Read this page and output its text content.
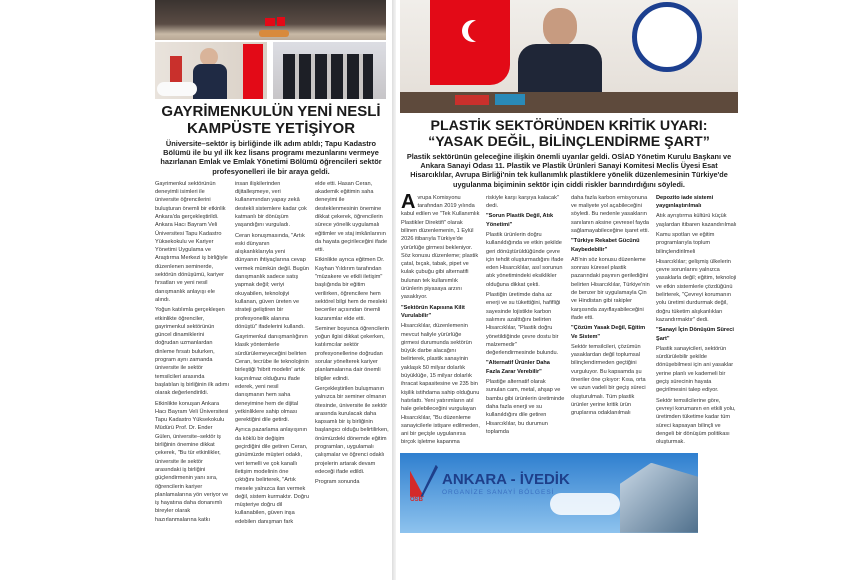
GAYRİMENKULÜN YENİ NESLİ KAMPÜSTE YETİŞİYOR
Üniversite–sektör iş birliğinde ilk adım atıldı; Tapu Kadastro Bölümü ile bu yıl ilk kez lisans programı mezunlarını vermeye hazırlanan Emlak ve Emlak Yönetimi Bölümü öğrencileri sektör profesyonelleri ile bir araya geldi.

Gayrimenkul sektörünün deneyimli isimleri ile üniversite öğrencilerini buluşturan önemli bir etkinlik Ankara'da gerçekleştirildi. Ankara Hacı Bayram Veli Üniversitesi Tapu Kadastro Yüksekokulu ve Kariyer Yönetimi Uygulama ve Araştırma Merkezi iş birliğiyle düzenlenen seminerde, sektörün dönüşümü, kariyer fırsatları ve yeni nesil danışmanlık anlayışı ele alındı.

Yoğun katılımla gerçekleşen etkinlikte öğrenciler, gayrimenkul sektörünün güncel dinamiklerini doğrudan uzmanlardan dinleme fırsatı bulurken, program aynı zamanda üniversite ile sektör temsilcileri arasında başlatılan iş birliğinin ilk adımı olarak değerlendirildi.

Etkinlikte konuşan Ankara Hacı Bayram Veli Üniversitesi Tapu Kadastro Yüksekokulu Müdürü Prof. Dr. Ender Gülen, üniversite–sektör iş birliğinin önemine dikkat çekerek, "Bu tür etkinlikler, üniversite ile sektör arasındaki iş birliğini güçlendirmenin yanı sıra, öğrencilerin kariyer planlamalarına yön veriyor ve iş hayatına daha donanımlı bireyler olarak hazırlanmalarına katkı

insan ilişkilerinden dijitalleşmeye, veri kullanımından yapay zekâ destekli sistemlere kadar çok katmanlı bir dönüşüm yaşandığını vurguladı.

Ceran konuşmasında, "Artık eski dünyanın alışkanlıklarıyla yeni dünyanın ihtiyaçlarına cevap vermek mümkün değil. Bugün danışmanlık sadece satış yapmak değil; veriyi okuyabilen, teknolojiyi kullanan, güven üreten ve strateji geliştiren bir profesyonellik alanına dönüştü" ifadelerini kullandı.

Gayrimenkul danışmanlığının klasik yöntemlerle sürdürülemeyeceğini belirten Ceran, tecrübe ile teknolojinin birleştiği 'hibrit modelin' artık kaçınılmaz olduğunu ifade ederek, yeni nesil danışmanın hem saha deneyimine hem de dijital yetkinliklere sahip olması gerektiğini dile getirdi.

Ayrıca pazarlama anlayışının da köklü bir değişim geçirdiğini dile getiren Ceran, günümüzde müşteri odaklı, veri temelli ve çok kanallı iletişim modelinin öne çıktığını belirterek, "Artık mesele yalnızca ilan vermek değil, sistem kurmaktır. Doğru müşteriye doğru dil kullanabilen, güven inşa edebilen danışman fark

elde etti. Hasan Ceran, akademik eğitimin saha deneyimi ile desteklenmesinin önemine dikkat çekerek, öğrencilerin sürece yönelik uygulamalı eğitimler ve staj imkânlarının da hayata geçirileceğini ifade etti.

Etkinlikte ayrıca eğitmen Dr. Kayhan Yıldırım tarafından "müzakere ve etkili iletişim" başlığında bir eğitim verilirken, öğrencilere hem sektörel bilgi hem de mesleki beceriler açısından önemli kazanımlar elde etti.

Seminer boyunca öğrencilerin yoğun ilgisi dikkat çekerken, katılımcılar sektör profesyonellerine doğrudan sorular yönelterek kariyer planlamalarına dair önemli bilgiler edindi.

Gerçekleştirilen buluşmanın yalnızca bir seminer olmanın ötesinde, üniversite ile sektör arasında kurulacak daha kapsamlı bir iş birliğinin başlangıcı olduğu belirtilirken, önümüzdeki dönemde eğitim programları, uygulamalı çalışmalar ve öğrenci odaklı projelerin artarak devam edeceği ifade edildi.

Program sonunda

PLASTİK SEKTÖRÜNDEN KRİTİK UYARI:
“YASAK DEĞİL, BİLİNÇLENDİRME ŞART”
Plastik sektörünün geleceğine ilişkin önemli uyarılar geldi. OSİAD Yönetim Kurulu Başkanı ve Ankara Sanayi Odası 11. Plastik ve Plastik Ürünleri Sanayi Komitesi Meclis Üyesi Esat Hisarcıklılar, Avrupa Birliği'nin tek kullanımlık plastiklere yönelik düzenlemesinin Türkiye'de uygulanma biçiminin sektör için ciddi riskler barındırdığını söyledi.
A vrupa Komisyonu tarafından 2019 yılında kabul edilen ve "Tek Kullanımlık Plastikler Direktifi" olarak bilinen düzenlemenin, 1 Eylül 2026 itibarıyla Türkiye'de yürürlüğe girmesi bekleniyor. Söz konusu düzenleme; plastik çatal, bıçak, tabak, pipet ve kulak çubuğu gibi alternatifi bulunan tek kullanımlık ürünlerin piyasaya arzını yasaklıyor.

"Sektörün Kapısına Kilit Vurulabilir"

Hisarcıklılar, düzenlemenin mevcut haliyle yürürlüğe girmesi durumunda sektörün büyük darbe alacağını belirterek, plastik sanayinin yaklaşık 50 milyar dolarlık büyüklüğe, 15 milyar dolarlık ihracat kapasitesine ve 235 bin kişilik istihdama sahip olduğunu hatırlattı. Yeni yatırımların atıl hale gelebileceğini vurgulayan Hisarcıklılar, "Bu düzenleme sanayicilerle istişare edilmeden, ani bir geçişle uygulanırsa birçok işletme kapanma

riskiyle karşı karşıya kalacak" dedi.

"Sorun Plastik Değil, Atık Yönetimi"

Plastik ürünlerin doğru kullanıldığında ve etkin şekilde geri dönüştürüldüğünde çevre için tehdit oluşturmadığını ifade eden Hisarcıklılar, asıl sorunun atık yönetimindeki eksiklikler olduğuna dikkat çekti.

Plastiğin üretimde daha az enerji ve su tükettiğini, hafifliği sayesinde lojistikte karbon salımını azalttığını belirten Hisarcıklılar, "Plastik doğru yönetildiğinde çevre dostu bir malzemedir" değerlendirmesinde bulundu.

"Alternatif Ürünler Daha Fazla Zarar Verebilir"

Plastiğe alternatif olarak sunulan cam, metal, ahşap ve bambu gibi ürünlerin üretiminde daha fazla enerji ve su kullanıldığını dile getiren Hisarcıklılar, bu durumun toplamda

daha fazla karbon emisyonuna ve maliyete yol açabileceğini söyledi. Bu nedenle yasakların sanılanın aksine çevresel fayda sağlamayabileceğine işaret etti.

"Türkiye Rekabet Gücünü Kaybedebilir"

AB'nin söz konusu düzenleme sonrası küresel plastik pazarındaki payının gerilediğini belirten Hisarcıklılar, Türkiye'nin de benzer bir uygulamayla Çin ve Hindistan gibi rakipler karşısında zayıflayabileceğini ifade etti.

"Çözüm Yasak Değil, Eğitim Ve Sistem"

Sektör temsilcileri, çözümün yasaklardan değil toplumsal bilinçlendirmeden geçtiğini vurguluyor. Bu kapsamda şu öneriler öne çıkıyor: Kısa, orta ve uzun vadeli bir geçiş süreci oluşturulmalı. Tüm plastik ürünler yerine kritik ürün gruplarına odaklanılmalı

Depozito iade sistemi yaygınlaştırılmalı

Atık ayrıştırma kültürü küçük yaşlardan itibaren kazandırılmalı

Kamu spotları ve eğitim programlarıyla toplum bilinçlendirilmeli

Hisarcıklılar; gelişmiş ülkelerin çevre sorunlarını yalnızca yasaklarla değil; eğitim, teknoloji ve etkin sistemlerle çözdüğünü belirterek, "Çevreyi korumanın yolu üretimi durdurmak değil, doğru tüketim alışkanlıkları kazandırmaktır" dedi.

"Sanayi İçin Dönüşüm Süreci Şart"

Plastik sanayicileri, sektörün sürdürülebilir şekilde dönüşebilmesi için ani yasaklar yerine planlı ve kademeli bir geçiş sürecinin hayata geçirilmesini talep ediyor.

Sektör temsilcilerine göre, çevreyi korumanın en etkili yolu, üretimden tüketime kadar tüm süreci kapsayan bilinçli ve dengeli bir dönüşüm politikası oluşturmak.

OSB
ANKARA - İVEDİK
ORGANİZE SANAYİ BÖLGESİ
